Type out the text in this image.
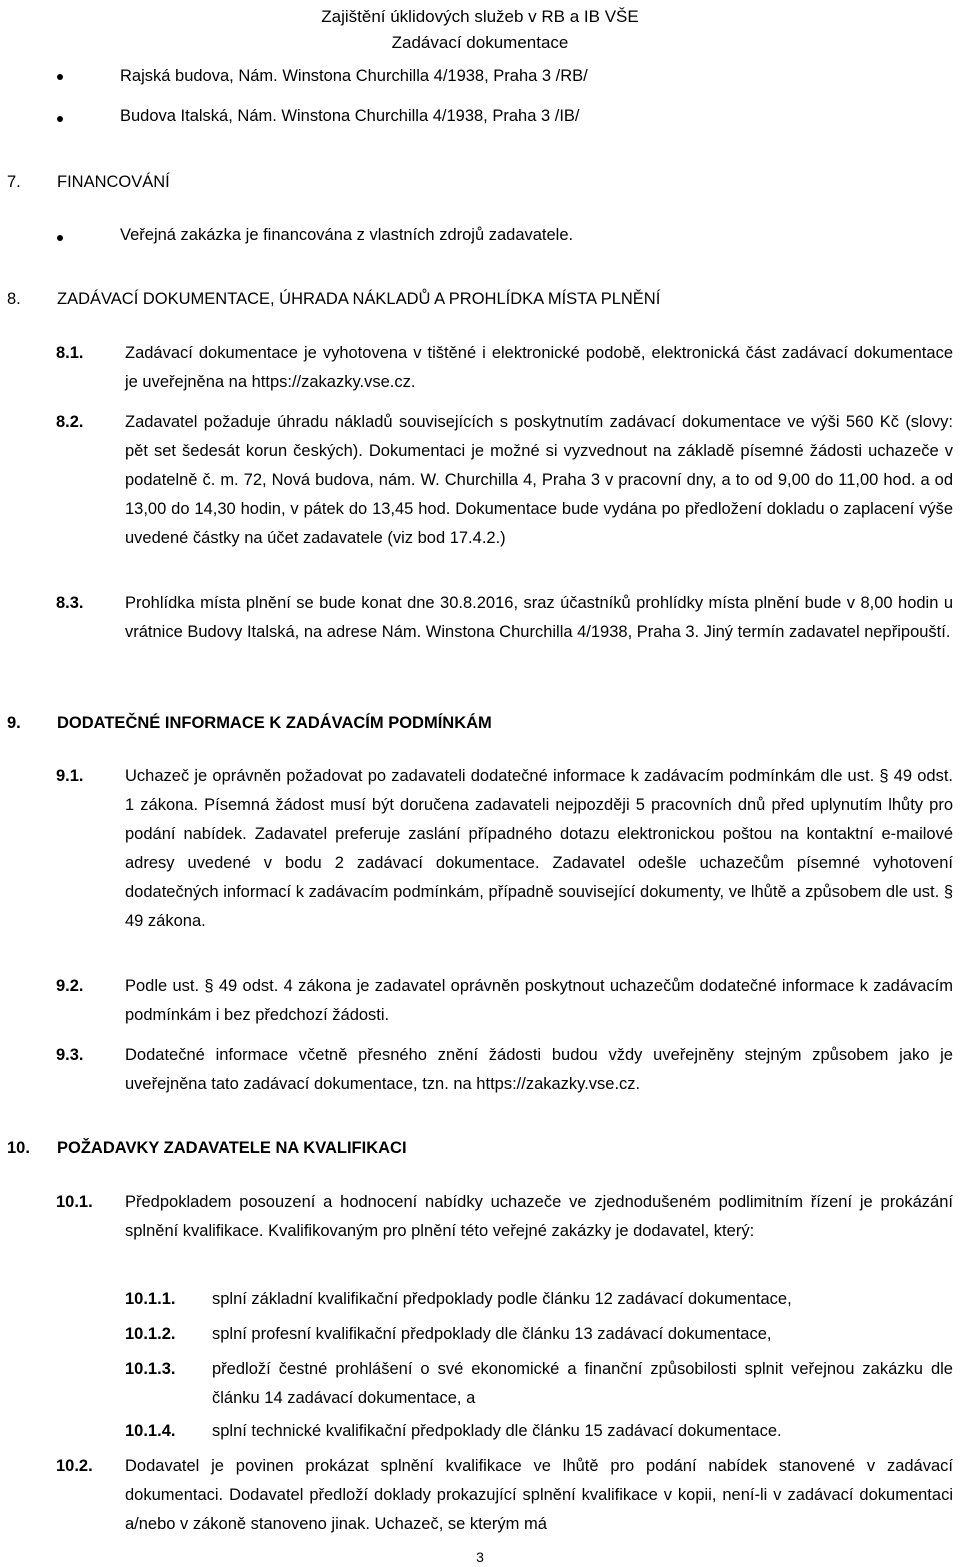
Zajištění úklidových služeb v RB a IB VŠE
Zadávací dokumentace
Rajská budova, Nám. Winstona Churchilla 4/1938, Praha 3 /RB/
Budova Italská, Nám. Winstona Churchilla 4/1938, Praha 3 /IB/
7. FINANCOVÁNÍ
Veřejná zakázka je financována z vlastních zdrojů zadavatele.
8. ZADÁVACÍ DOKUMENTACE, ÚHRADA NÁKLADŮ A PROHLÍDKA MÍSTA PLNĚNÍ
8.1.	Zadávací dokumentace je vyhotovena v tištěné i elektronické podobě, elektronická část zadávací dokumentace je uveřejněna na https://zakazky.vse.cz.
8.2.	Zadavatel požaduje úhradu nákladů souvisejících s poskytnutím zadávací dokumentace ve výši 560 Kč (slovy: pět set šedesát korun českých). Dokumentaci je možné si vyzvednout na základě písemné žádosti uchazeče v podatelně č. m. 72, Nová budova, nám. W. Churchilla 4, Praha 3 v pracovní dny, a to od 9,00 do 11,00 hod. a od 13,00 do 14,30 hodin, v pátek do 13,45 hod. Dokumentace bude vydána po předložení dokladu o zaplacení výše uvedené částky na účet zadavatele (viz bod 17.4.2.)
8.3.	Prohlídka místa plnění se bude konat dne 30.8.2016, sraz účastníků prohlídky místa plnění bude v 8,00 hodin u vrátnice Budovy Italská, na adrese Nám. Winstona Churchilla 4/1938, Praha 3. Jiný termín zadavatel nepřipouští.
9. DODATEČNÉ INFORMACE K ZADÁVACÍM PODMÍNKÁM
9.1.	Uchazeč je oprávněn požadovat po zadavateli dodatečné informace k zadávacím podmínkám dle ust. § 49 odst. 1 zákona. Písemná žádost musí být doručena zadavateli nejpozději 5 pracovních dnů před uplynutím lhůty pro podání nabídek. Zadavatel preferuje zaslání případného dotazu elektronickou poštou na kontaktní e-mailové adresy uvedené v bodu 2 zadávací dokumentace. Zadavatel odešle uchazečům písemné vyhotovení dodatečných informací k zadávacím podmínkám, případně související dokumenty, ve lhůtě a způsobem dle ust. § 49 zákona.
9.2.	Podle ust. § 49 odst. 4 zákona je zadavatel oprávněn poskytnout uchazečům dodatečné informace k zadávacím podmínkám i bez předchozí žádosti.
9.3.	Dodatečné informace včetně přesného znění žádosti budou vždy uveřejněny stejným způsobem jako je uveřejněna tato zadávací dokumentace, tzn. na https://zakazky.vse.cz.
10. POŽADAVKY ZADAVATELE NA KVALIFIKACI
10.1. Předpokladem posouzení a hodnocení nabídky uchazeče ve zjednodušeném podlimitním řízení je prokázání splnění kvalifikace. Kvalifikovaným pro plnění této veřejné zakázky je dodavatel, který:
10.1.1. splní základní kvalifikační předpoklady podle článku 12 zadávací dokumentace,
10.1.2. splní profesní kvalifikační předpoklady dle článku 13 zadávací dokumentace,
10.1.3. předloží čestné prohlášení o své ekonomické a finanční způsobilosti splnit veřejnou zakázku dle článku 14 zadávací dokumentace, a
10.1.4. splní technické kvalifikační předpoklady dle článku 15 zadávací dokumentace.
10.2. Dodavatel je povinen prokázat splnění kvalifikace ve lhůtě pro podání nabídek stanovené v zadávací dokumentaci. Dodavatel předloží doklady prokazující splnění kvalifikace v kopii, není-li v zadávací dokumentaci a/nebo v zákoně stanoveno jinak. Uchazeč, se kterým má
3
